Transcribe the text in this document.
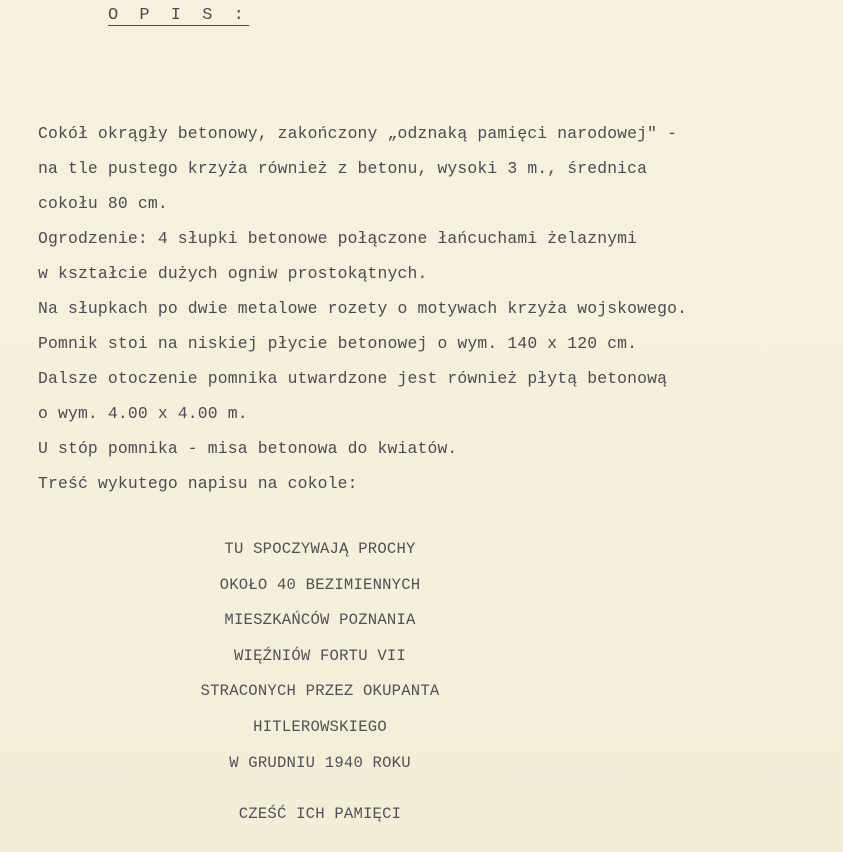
O P I S :
Cokół okrągły betonowy, zakończony „odznaką pamięci narodowej" -
na tle pustego krzyża również z betonu, wysoki 3 m., średnica
cokołu 80 cm.
Ogrodzenie: 4 słupki betonowe połączone łańcuchami żelaznymi
w kształcie dużych ogniw prostokątnych.
Na słupkach po dwie metalowe rozety o motywach krzyża wojskowego.
Pomnik stoi na niskiej płycie betonowej o wym. 140 x 120 cm.
Dalsze otoczenie pomnika utwardzone jest również płytą betonową
o wym. 4.00 x 4.00 m.
U stóp pomnika - misa betonowa do kwiatów.
Treść wykutego napisu na cokole:
TU SPOCZYWAJĄ PROCHY
OKOŁO 40 BEZIMIENNYCH
MIESZKAŃCÓW POZNANIA
WIĘŹNIÓW FORTU VII
STRACONYCH PRZEZ OKUPANTA
HITLEROWSKIEGO
W GRUDNIU 1940 ROKU
CZEŚĆ ICH PAMIĘCI
